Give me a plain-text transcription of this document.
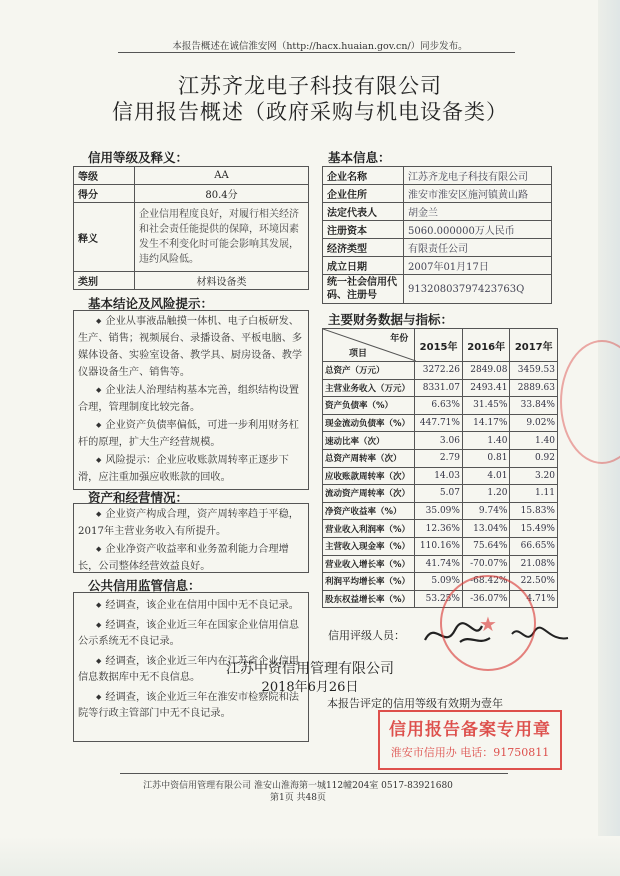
本报告概述在诚信淮安网（http://hacx.huaian.gov.cn/）同步发布。
江苏齐龙电子科技有限公司
信用报告概述（政府采购与机电设备类）
信用等级及释义：
等级	AA
得分	80.4分
释义	企业信用程度良好，对履行相关经济和社会责任能提供的保障，环境因素发生不利变化时可能会影响其发展，违约风险低。
类别	材料设备类
基本信息：
企业名称	江苏齐龙电子科技有限公司
企业住所	淮安市淮安区施河镇黄山路
法定代表人	胡金兰
注册资本	5060.000000万人民币
经济类型	有限责任公司
成立日期	2007年01月17日
统一社会信用代码、注册号	91320803797423763Q
基本结论及风险提示：

◆ 企业从事液晶触摸一体机、电子白板研发、生产、销售；视频展台、录播设备、平板电脑、多媒体设备、实验室设备、教学具、厨房设备、教学仪器设备生产、销售等。

◆ 企业法人治理结构基本完善，组织结构设置合理，管理制度比较完备。

◆ 企业资产负债率偏低，可进一步利用财务杠杆的原理，扩大生产经营规模。

◆ 风险提示：企业应收账款周转率正逐步下滑，应注重加强应收账款的回收。

资产和经营情况：

◆ 企业资产构成合理，资产周转率趋于平稳，2017年主营业务收入有所提升。

◆ 企业净资产收益率和业务盈利能力合理增长，公司整体经营效益良好。

公共信用监管信息：

◆ 经调查，该企业在信用中国中无不良记录。

◆ 经调查，该企业近三年在国家企业信用信息公示系统无不良记录。

◆ 经调查，该企业近三年内在江苏省企业信用信息数据库中无不良信息。

◆ 经调查，该企业近三年在淮安市检察院和法院等行政主管部门中无不良记录。

主要财务数据与指标：
年份
项目	2015年	2016年	2017年
总资产（万元）	3272.26	2849.08	3459.53
主营业务收入（万元）	8331.07	2493.41	2889.63
资产负债率（%）	6.63%	31.45%	33.84%
现金流动负债率（%）	447.71%	14.17%	9.02%
速动比率（次）	3.06	1.40	1.40
总资产周转率（次）	2.79	0.81	0.92
应收账款周转率（次）	14.03	4.01	3.20
流动资产周转率（次）	5.07	1.20	1.11
净资产收益率（%）	35.09%	9.74%	15.83%
营业收入利润率（%）	12.36%	13.04%	15.49%
主营收入现金率（%）	110.16%	75.64%	66.65%
营业收入增长率（%）	41.74%	-70.07%	21.08%
利润平均增长率（%）	5.09%	-68.42%	22.50%
股东权益增长率（%）	53.25%	-36.07%	4.71%
信用评级人员：	★
江苏中资信用管理有限公司
2018年6月26日
本报告评定的信用等级有效期为壹年
信用报告备案专用章
淮安市信用办 电话：91750811
江苏中资信用管理有限公司 淮安山淮海第一城112幢204室 0517-83921680
第1页 共48页
